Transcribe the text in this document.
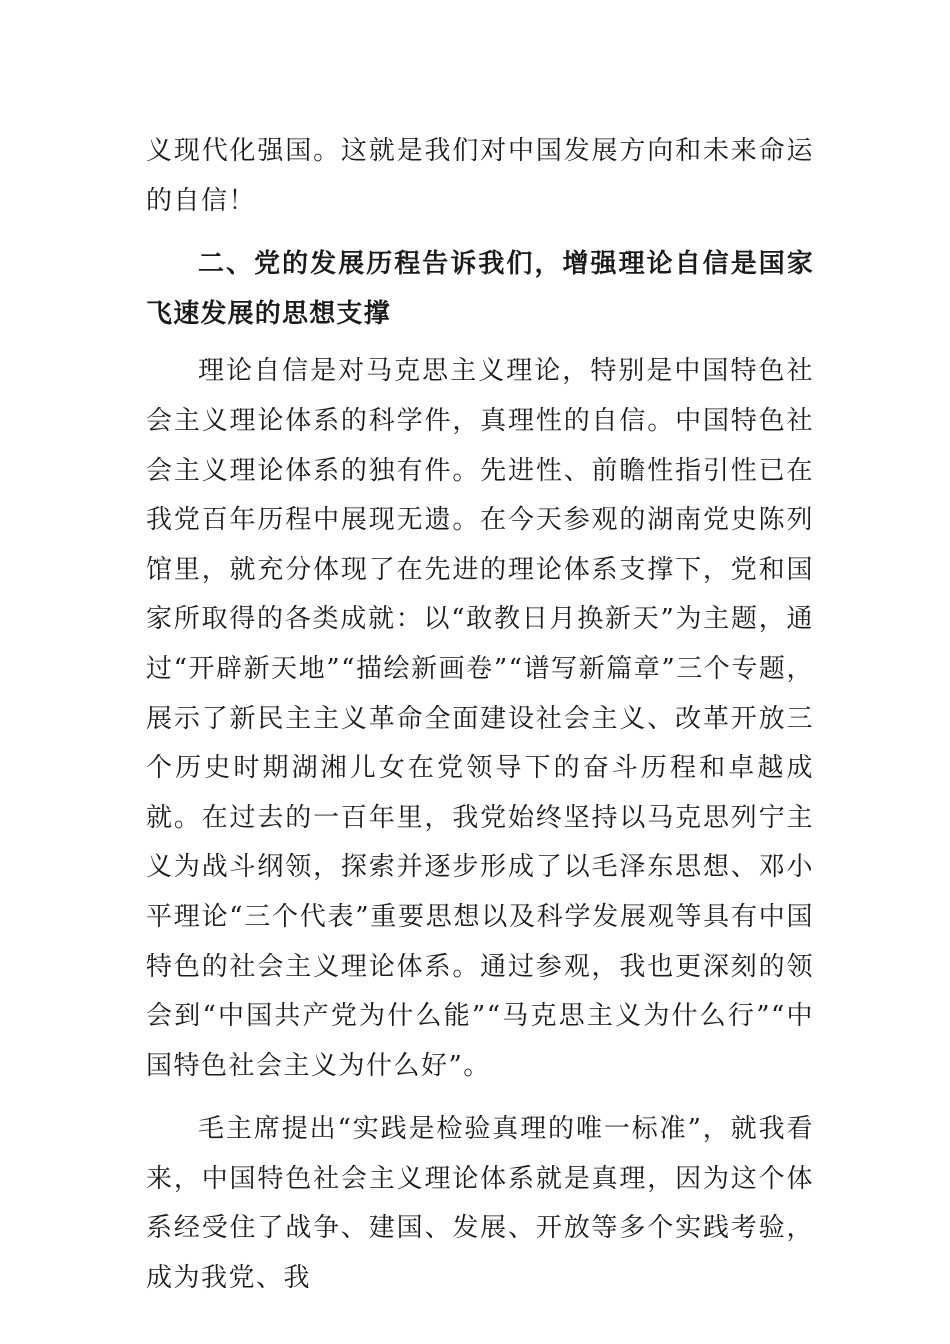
义现代化强国。这就是我们对中国发展方向和未来命运的自信！

二、党的发展历程告诉我们，增强理论自信是国家飞速发展的思想支撑

理论自信是对马克思主义理论，特别是中国特色社会主义理论体系的科学件，真理性的自信。中国特色社会主义理论体系的独有件。先进性、前瞻性指引性已在我党百年历程中展现无遗。在今天参观的湖南党史陈列馆里，就充分体现了在先进的理论体系支撑下，党和国家所取得的各类成就：以“敢教日月换新天”为主题，通过“开辟新天地”“描绘新画卷”“谱写新篇章”三个专题，展示了新民主主义革命全面建设社会主义、改革开放三个历史时期湖湘儿女在党领导下的奋斗历程和卓越成就。在过去的一百年里，我党始终坚持以马克思列宁主义为战斗纲领，探索并逐步形成了以毛泽东思想、邓小平理论“三个代表”重要思想以及科学发展观等具有中国特色的社会主义理论体系。通过参观，我也更深刻的领会到“中国共产党为什么能”“马克思主义为什么行”“中国特色社会主义为什么好”。

毛主席提出“实践是检验真理的唯一标准”，就我看来，中国特色社会主义理论体系就是真理，因为这个体系经受住了战争、建国、发展、开放等多个实践考验，成为我党、我
